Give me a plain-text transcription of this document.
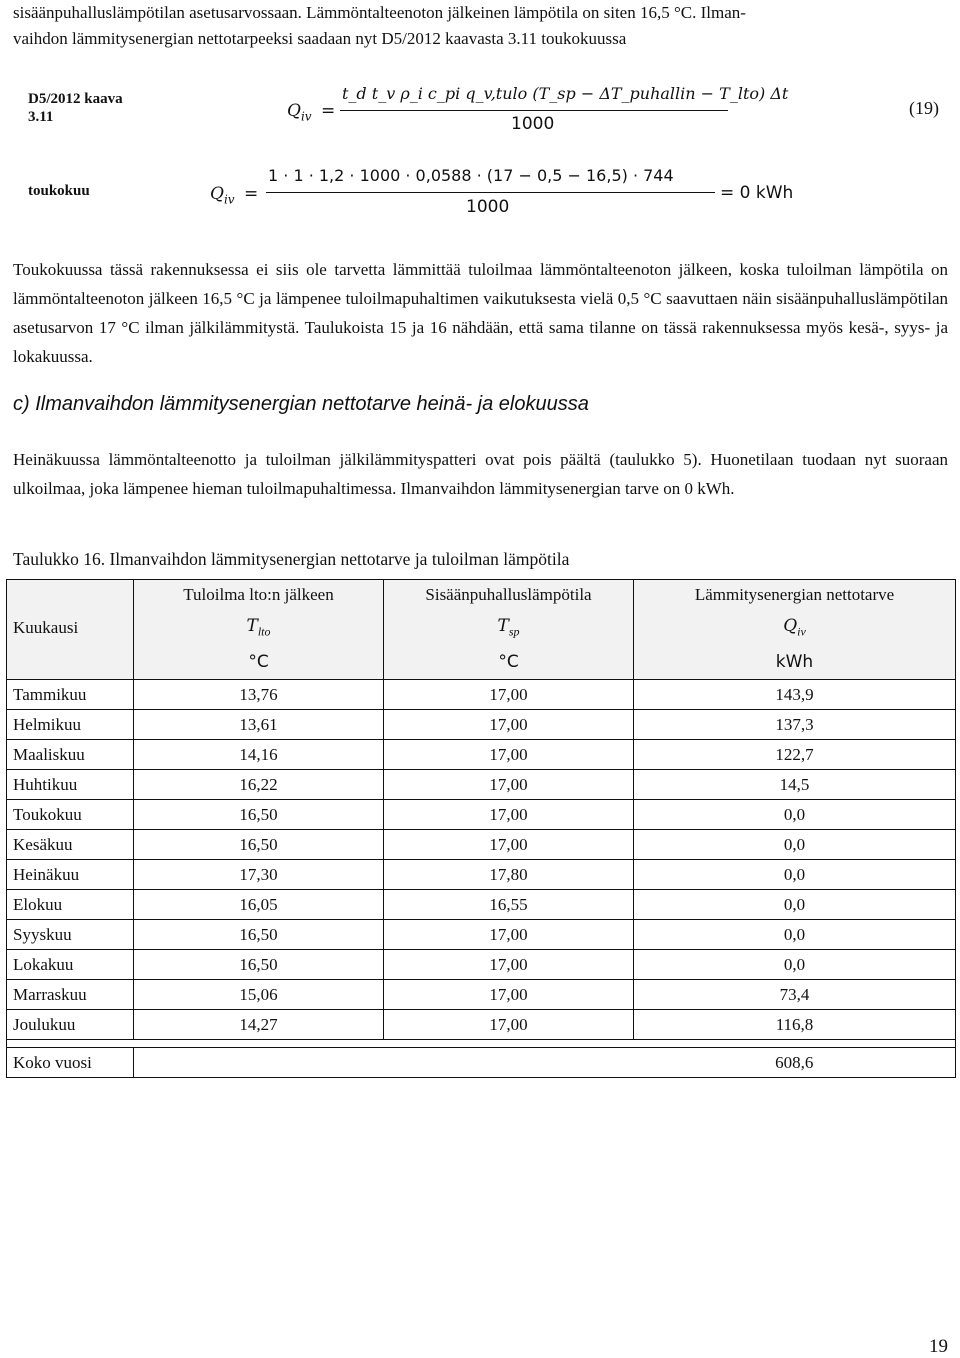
sisäänpuhalluslämpötilan asetusarvossaan. Lämmöntalteenoton jälkeinen lämpötila on siten 16,5 °C. Ilman-
vaihdon lämmitysenergian nettotarpeeksi saadaan nyt D5/2012 kaavasta 3.11 toukokuussa
D5/2012 kaava
3.11	$Q_{iv}$ =
t_d t_v ρ_i c_pi q_v,tulo (T_sp − ΔT_puhallin − T_lto) Δt
1000
(19)
toukokuu	$Q_{iv}$ =
1 · 1 · 1,2 · 1000 · 0,0588 · (17 − 0,5 − 16,5) · 744
1000
= 0 kWh
Toukokuussa tässä rakennuksessa ei siis ole tarvetta lämmittää tuloilmaa lämmöntalteenoton jälkeen, koska tuloilman lämpötila on lämmöntalteenoton jälkeen 16,5 °C ja lämpenee tuloilmapuhaltimen vaikutuksesta vielä 0,5 °C saavuttaen näin sisäänpuhalluslämpötilan asetusarvon 17 °C ilman jälkilämmitystä. Taulukoista 15 ja 16 nähdään, että sama tilanne on tässä rakennuksessa myös kesä-, syys- ja lokakuussa.
c) Ilmanvaihdon lämmitysenergian nettotarve heinä- ja elokuussa
Heinäkuussa lämmöntalteenotto ja tuloilman jälkilämmityspatteri ovat pois päältä (taulukko 5). Huonetilaan tuodaan nyt suoraan ulkoilmaa, joka lämpenee hieman tuloilmapuhaltimessa. Ilmanvaihdon lämmitysenergian tarve on 0 kWh.
Taulukko 16. Ilmanvaihdon lämmitysenergian nettotarve ja tuloilman lämpötila
	Tuloilma lto:n jälkeen	Sisäänpuhalluslämpötila	Lämmitysenergian nettotarve
Kuukausi	$T_{lto}$	$T_{sp}$	$Q_{iv}$
	°C	°C	kWh
Tammikuu	13,76	17,00	143,9
Helmikuu	13,61	17,00	137,3
Maaliskuu	14,16	17,00	122,7
Huhtikuu	16,22	17,00	14,5
Toukokuu	16,50	17,00	0,0
Kesäkuu	16,50	17,00	0,0
Heinäkuu	17,30	17,80	0,0
Elokuu	16,05	16,55	0,0
Syyskuu	16,50	17,00	0,0
Lokakuu	16,50	17,00	0,0
Marraskuu	15,06	17,00	73,4
Joulukuu	14,27	17,00	116,8

Koko vuosi			608,6
19
